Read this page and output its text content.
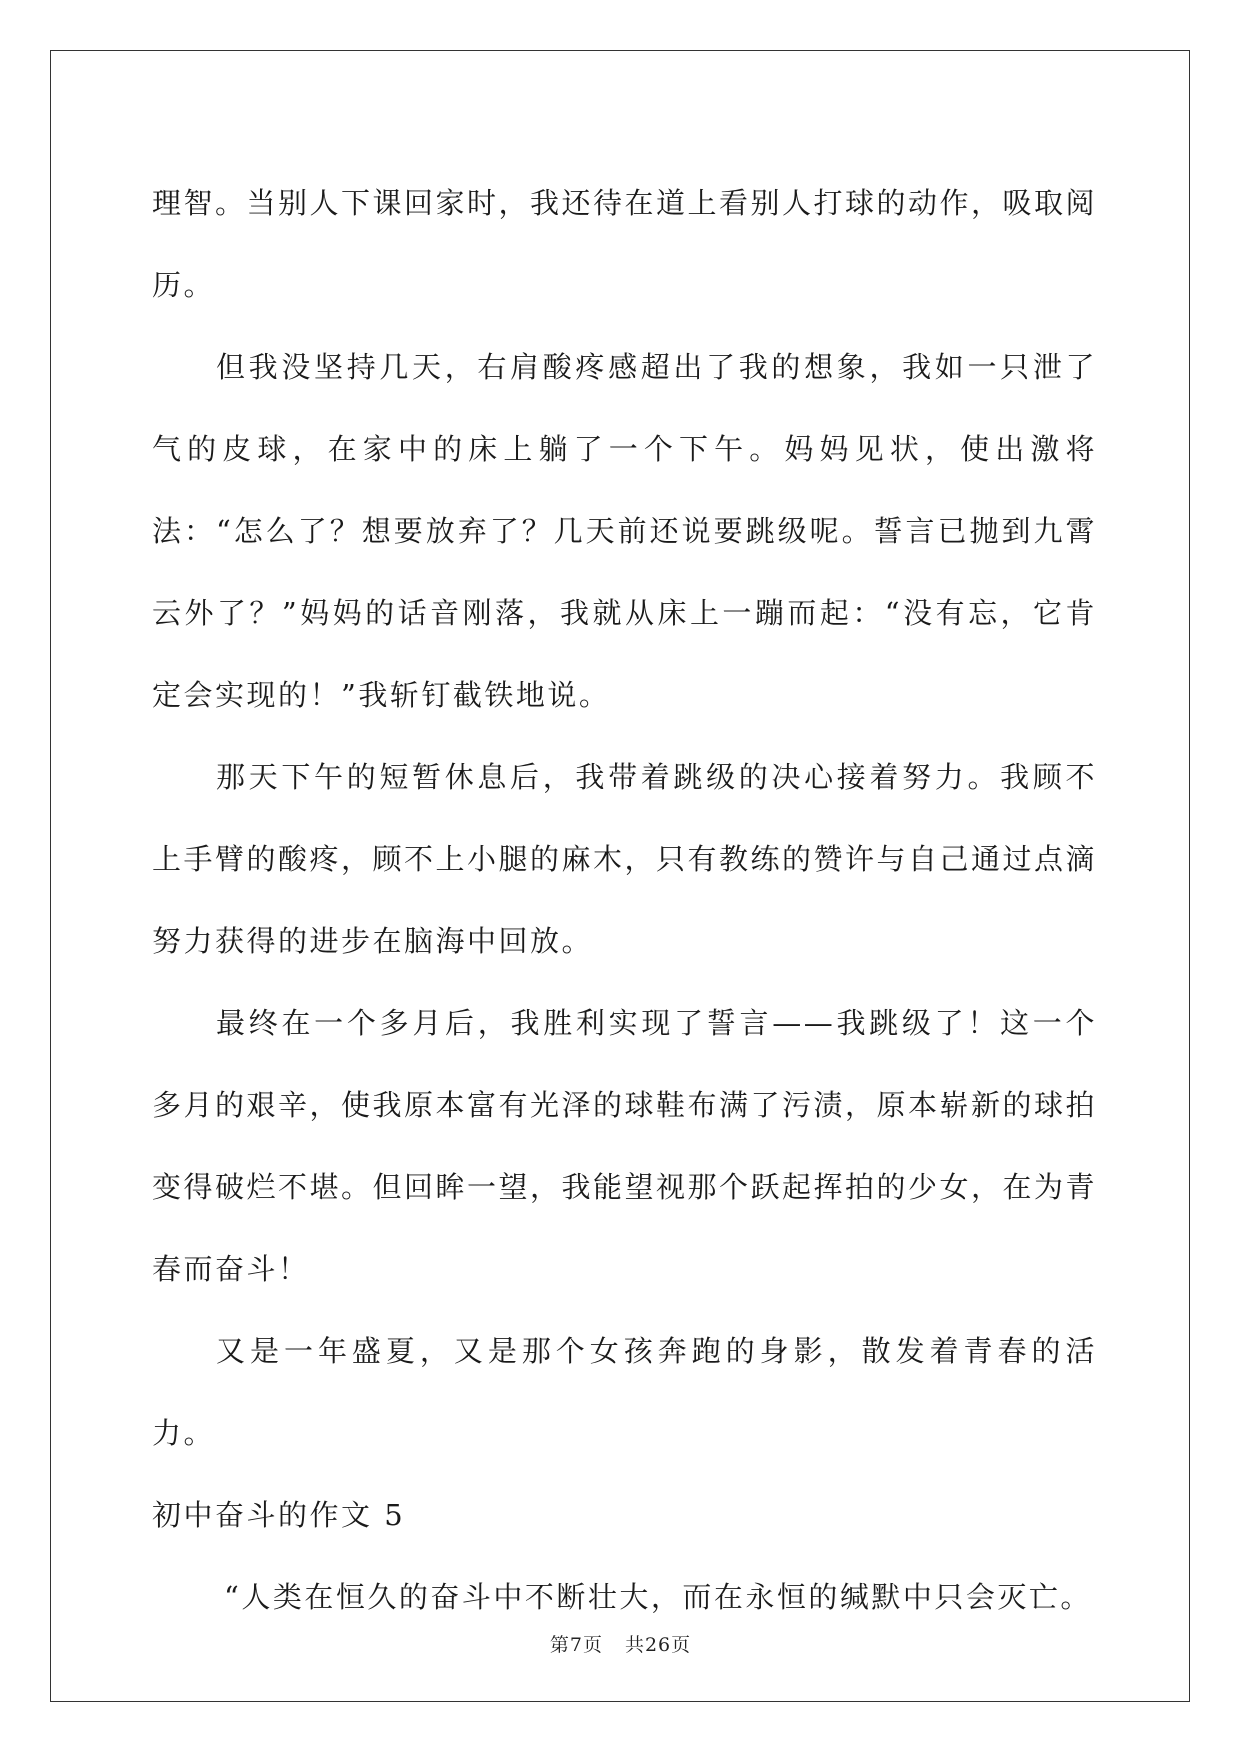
理智。当别人下课回家时，我还待在道上看别人打球的动作，吸取阅历。

但我没坚持几天，右肩酸疼感超出了我的想象，我如一只泄了气的皮球，在家中的床上躺了一个下午。妈妈见状，使出激将法：“怎么了？想要放弃了？几天前还说要跳级呢。誓言已抛到九霄云外了？”妈妈的话音刚落，我就从床上一蹦而起：“没有忘，它肯定会实现的！”我斩钉截铁地说。

那天下午的短暂休息后，我带着跳级的决心接着努力。我顾不上手臂的酸疼，顾不上小腿的麻木，只有教练的赞许与自己通过点滴努力获得的进步在脑海中回放。

最终在一个多月后，我胜利实现了誓言——我跳级了！这一个多月的艰辛，使我原本富有光泽的球鞋布满了污渍，原本崭新的球拍变得破烂不堪。但回眸一望，我能望视那个跃起挥拍的少女，在为青春而奋斗！

又是一年盛夏，又是那个女孩奔跑的身影，散发着青春的活力。

初中奋斗的作文 5

“人类在恒久的奋斗中不断壮大，而在永恒的缄默中只会灭亡。

第7页 共26页
